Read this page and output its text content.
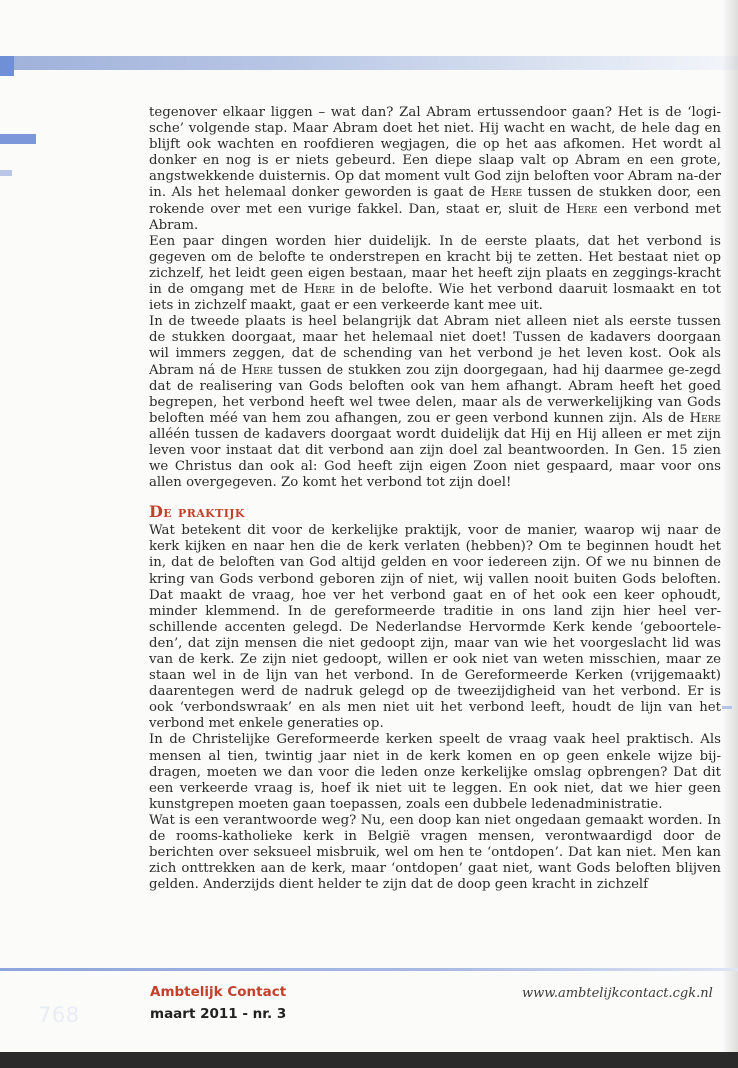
tegenover elkaar liggen – wat dan? Zal Abram ertussendoor gaan? Het is de ‘logi-sche’ volgende stap. Maar Abram doet het niet. Hij wacht en wacht, de hele dag en blijft ook wachten en roofdieren wegjagen, die op het aas afkomen. Het wordt al donker en nog is er niets gebeurd. Een diepe slaap valt op Abram en een grote, angstwekkende duisternis. Op dat moment vult God zijn beloften voor Abram na-der in. Als het helemaal donker geworden is gaat de Here tussen de stukken door, een rokende over met een vurige fakkel. Dan, staat er, sluit de Here een verbond met Abram.

Een paar dingen worden hier duidelijk. In de eerste plaats, dat het verbond is gegeven om de belofte te onderstrepen en kracht bij te zetten. Het bestaat niet op zichzelf, het leidt geen eigen bestaan, maar het heeft zijn plaats en zeggings-kracht in de omgang met de Here in de belofte. Wie het verbond daaruit losmaakt en tot iets in zichzelf maakt, gaat er een verkeerde kant mee uit.

In de tweede plaats is heel belangrijk dat Abram niet alleen niet als eerste tussen de stukken doorgaat, maar het helemaal niet doet! Tussen de kadavers doorgaan wil immers zeggen, dat de schending van het verbond je het leven kost. Ook als Abram ná de Here tussen de stukken zou zijn doorgegaan, had hij daarmee ge-zegd dat de realisering van Gods beloften ook van hem afhangt. Abram heeft het goed begrepen, het verbond heeft wel twee delen, maar als de verwerkelijking van Gods beloften méé van hem zou afhangen, zou er geen verbond kunnen zijn. Als de Here alléén tussen de kadavers doorgaat wordt duidelijk dat Hij en Hij alleen er met zijn leven voor instaat dat dit verbond aan zijn doel zal beantwoorden. In Gen. 15 zien we Christus dan ook al: God heeft zijn eigen Zoon niet gespaard, maar voor ons allen overgegeven. Zo komt het verbond tot zijn doel!

De praktijk

Wat betekent dit voor de kerkelijke praktijk, voor de manier, waarop wij naar de kerk kijken en naar hen die de kerk verlaten (hebben)? Om te beginnen houdt het in, dat de beloften van God altijd gelden en voor iedereen zijn. Of we nu binnen de kring van Gods verbond geboren zijn of niet, wij vallen nooit buiten Gods beloften. Dat maakt de vraag, hoe ver het verbond gaat en of het ook een keer ophoudt, minder klemmend. In de gereformeerde traditie in ons land zijn hier heel ver-schillende accenten gelegd. De Nederlandse Hervormde Kerk kende ‘geboortele-den’, dat zijn mensen die niet gedoopt zijn, maar van wie het voorgeslacht lid was van de kerk. Ze zijn niet gedoopt, willen er ook niet van weten misschien, maar ze staan wel in de lijn van het verbond. In de Gereformeerde Kerken (vrijgemaakt) daarentegen werd de nadruk gelegd op de tweezijdigheid van het verbond. Er is ook ‘verbondswraak’ en als men niet uit het verbond leeft, houdt de lijn van het verbond met enkele generaties op.

In de Christelijke Gereformeerde kerken speelt de vraag vaak heel praktisch. Als mensen al tien, twintig jaar niet in de kerk komen en op geen enkele wijze bij-dragen, moeten we dan voor die leden onze kerkelijke omslag opbrengen? Dat dit een verkeerde vraag is, hoef ik niet uit te leggen. En ook niet, dat we hier geen kunstgrepen moeten gaan toepassen, zoals een dubbele ledenadministratie.

Wat is een verantwoorde weg? Nu, een doop kan niet ongedaan gemaakt worden. In de rooms-katholieke kerk in België vragen mensen, verontwaardigd door de berichten over seksueel misbruik, wel om hen te ‘ontdopen’. Dat kan niet. Men kan zich onttrekken aan de kerk, maar ‘ontdopen’ gaat niet, want Gods beloften blijven gelden. Anderzijds dient helder te zijn dat de doop geen kracht in zichzelf

768
Ambtelijk Contact
maart 2011 - nr. 3
www.ambtelijkcontact.cgk.nl
